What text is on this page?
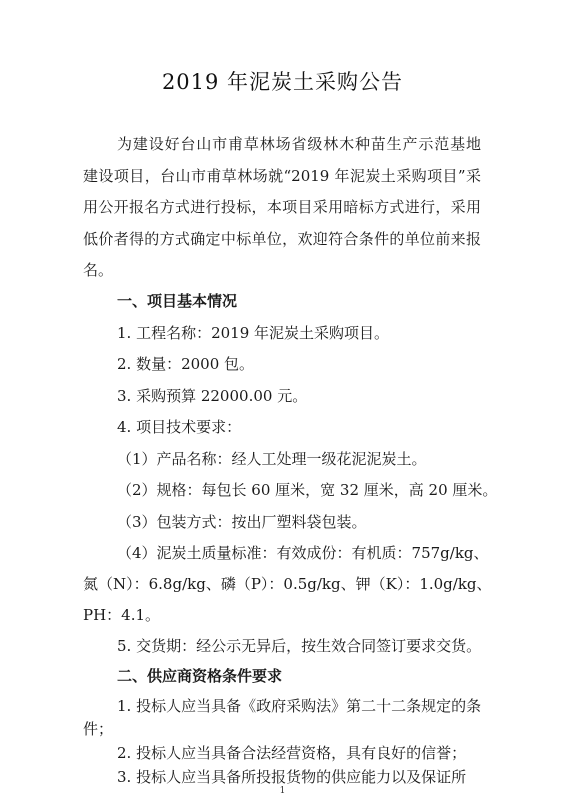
2019 年泥炭土采购公告
为建设好台山市甫草林场省级林木种苗生产示范基地
建设项目，台山市甫草林场就“2019 年泥炭土采购项目”采
用公开报名方式进行投标，本项目采用暗标方式进行，采用
低价者得的方式确定中标单位，欢迎符合条件的单位前来报
名。
一、项目基本情况
1. 工程名称：2019 年泥炭土采购项目。
2. 数量：2000 包。
3. 采购预算 22000.00 元。
4. 项目技术要求：
（1）产品名称：经人工处理一级花泥泥炭土。
（2）规格：每包长 60 厘米，宽 32 厘米，高 20 厘米。
（3）包装方式：按出厂塑料袋包装。
（4）泥炭土质量标准：有效成份：有机质：757g/kg、
氮（N）：6.8g/kg、磷（P）：0.5g/kg、钾（K）：1.0g/kg、
PH：4.1。
5. 交货期：经公示无异后，按生效合同签订要求交货。
二、供应商资格条件要求
1. 投标人应当具备《政府采购法》第二十二条规定的条
件；
2. 投标人应当具备合法经营资格，具有良好的信誉；
3. 投标人应当具备所投报货物的供应能力以及保证所
1
